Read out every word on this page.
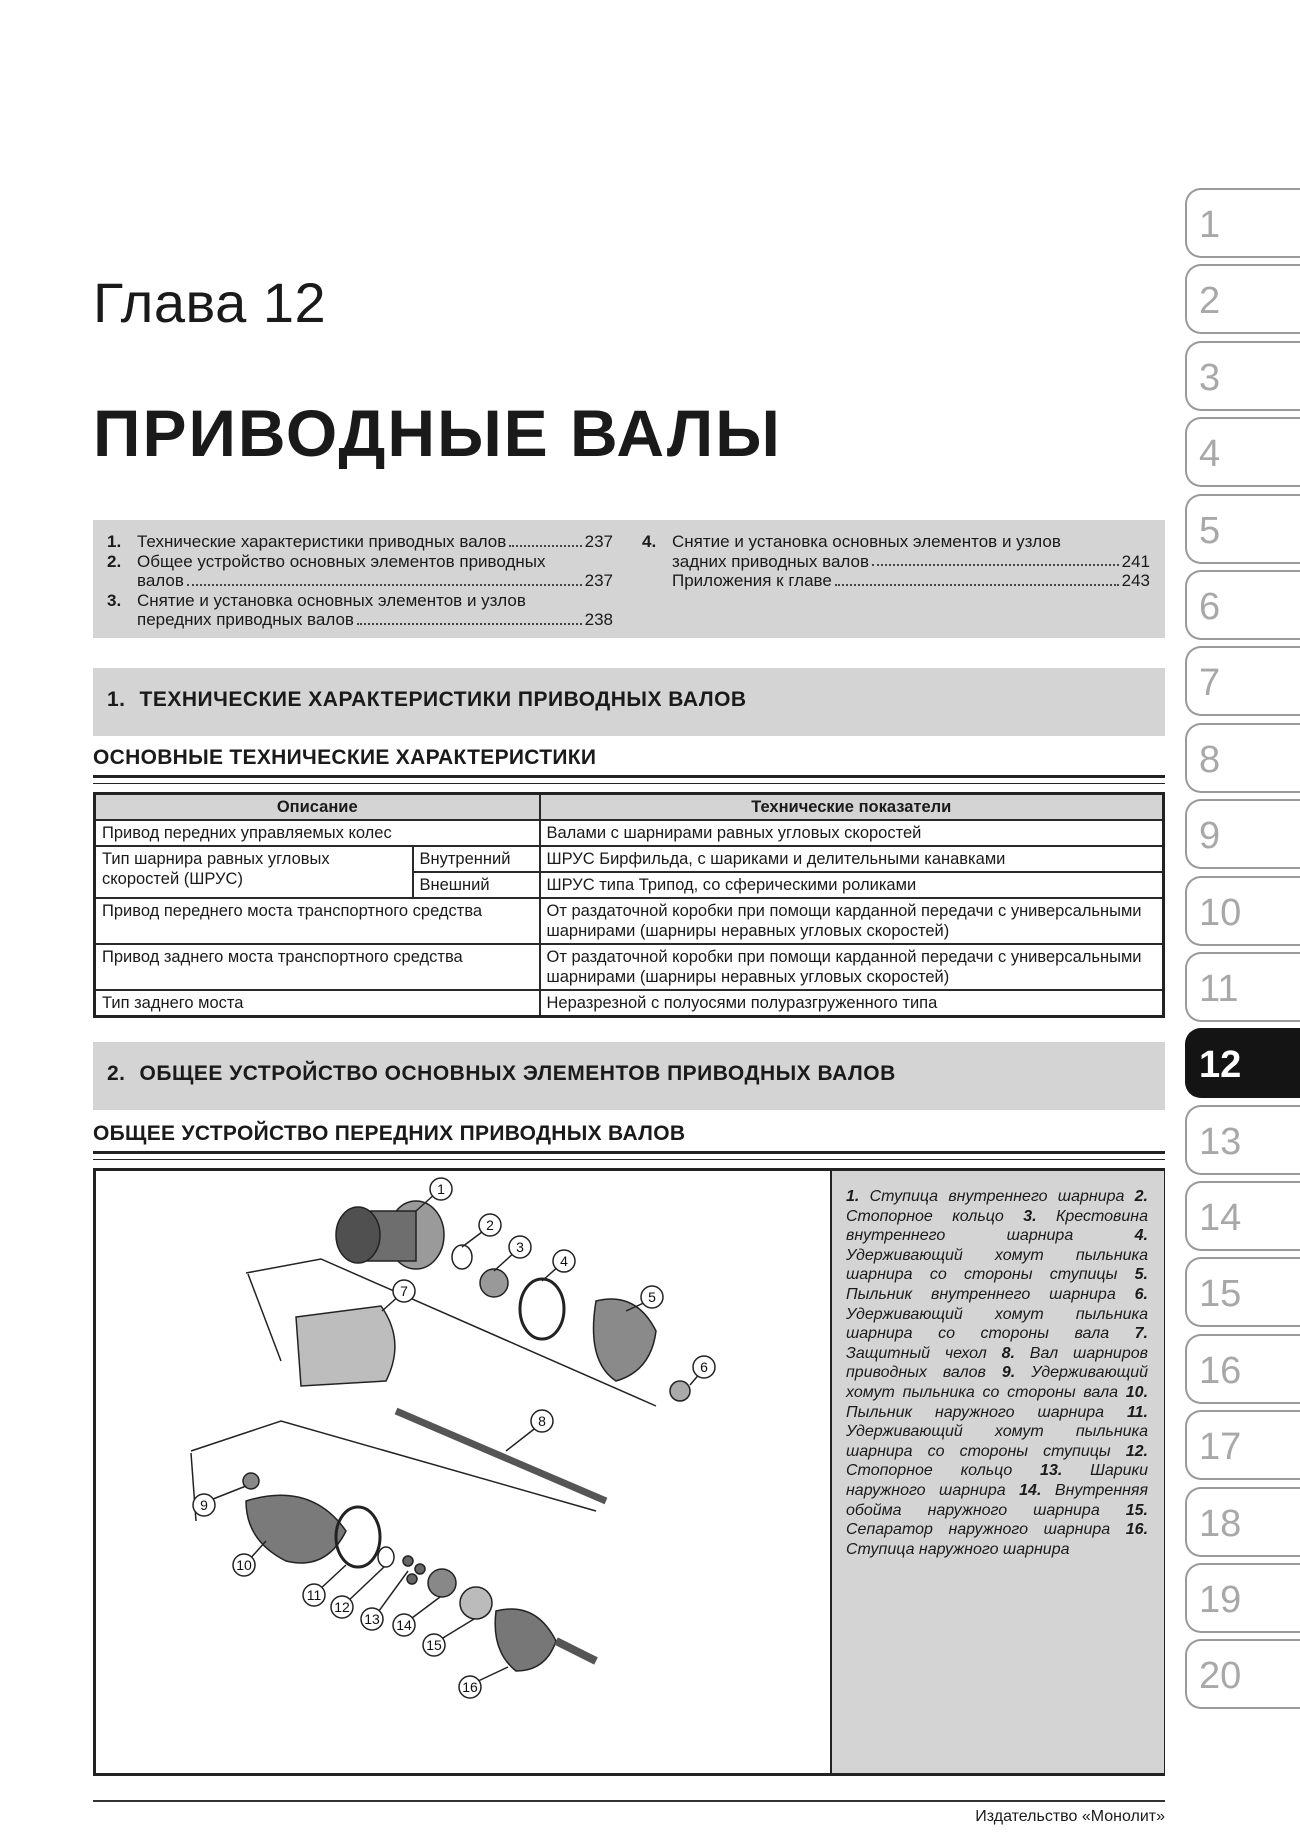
Глава 12
ПРИВОДНЫЕ ВАЛЫ
1. Технические характеристики приводных валов	237
2. Общее устройство основных элементов приводных
валов	237
3. Снятие и установка основных элементов и узлов
передних приводных валов	238
4. Снятие и установка основных элементов и узлов
задних приводных валов	241
Приложения к главе	243
1. ТЕХНИЧЕСКИЕ ХАРАКТЕРИСТИКИ ПРИВОДНЫХ ВАЛОВ
ОСНОВНЫЕ ТЕХНИЧЕСКИЕ ХАРАКТЕРИСТИКИ
Описание		Технические показатели
Привод передних управляемых колес		Валами с шарнирами равных угловых скоростей
Тип шарнира равных угловых скоростей (ШРУС)	Внутренний	ШРУС Бирфильда, с шариками и делительными канавками
	Внешний	ШРУС типа Трипод, со сферическими роликами
Привод переднего моста транспортного средства		От раздаточной коробки при помощи карданной передачи с универсальными шарнирами (шарниры неравных угловых скоростей)
Привод заднего моста транспортного средства		От раздаточной коробки при помощи карданной передачи с универсальными шарнирами (шарниры неравных угловых скоростей)
Тип заднего моста		Неразрезной с полуосями полуразгруженного типа
2. ОБЩЕЕ УСТРОЙСТВО ОСНОВНЫХ ЭЛЕМЕНТОВ ПРИВОДНЫХ ВАЛОВ
ОБЩЕЕ УСТРОЙСТВО ПЕРЕДНИХ ПРИВОДНЫХ ВАЛОВ
1
2
3
4
5
6
7
8
9
10
11
12
13 14
15
16
1. Ступица внутреннего шарнира 2. Стопорное кольцо 3. Крестовина внутреннего шарнира	4. Удерживающий хомут пыльника шарнира со стороны ступицы 5. Пыльник внутреннего шарнира 6. Удерживающий хомут пыльника шарнира со стороны вала 7. Защитный чехол 8. Вал шарниров приводных валов 9. Удерживающий хомут пыльника со стороны вала 10. Пыльник наружного шарнира 11. Удерживающий хомут пыльника шарнира со стороны ступицы 12. Стопорное кольцо 13. Шарики наружного шарнира 14. Внутренняя обойма наружного шарнира 15. Сепаратор наружного шарнира 16. Ступица наружного шарнира
Издательство «Монолит»
1
2
3
4
5
6
7
8
9
10
11
12
13
14
15
16
17
18
19
20
